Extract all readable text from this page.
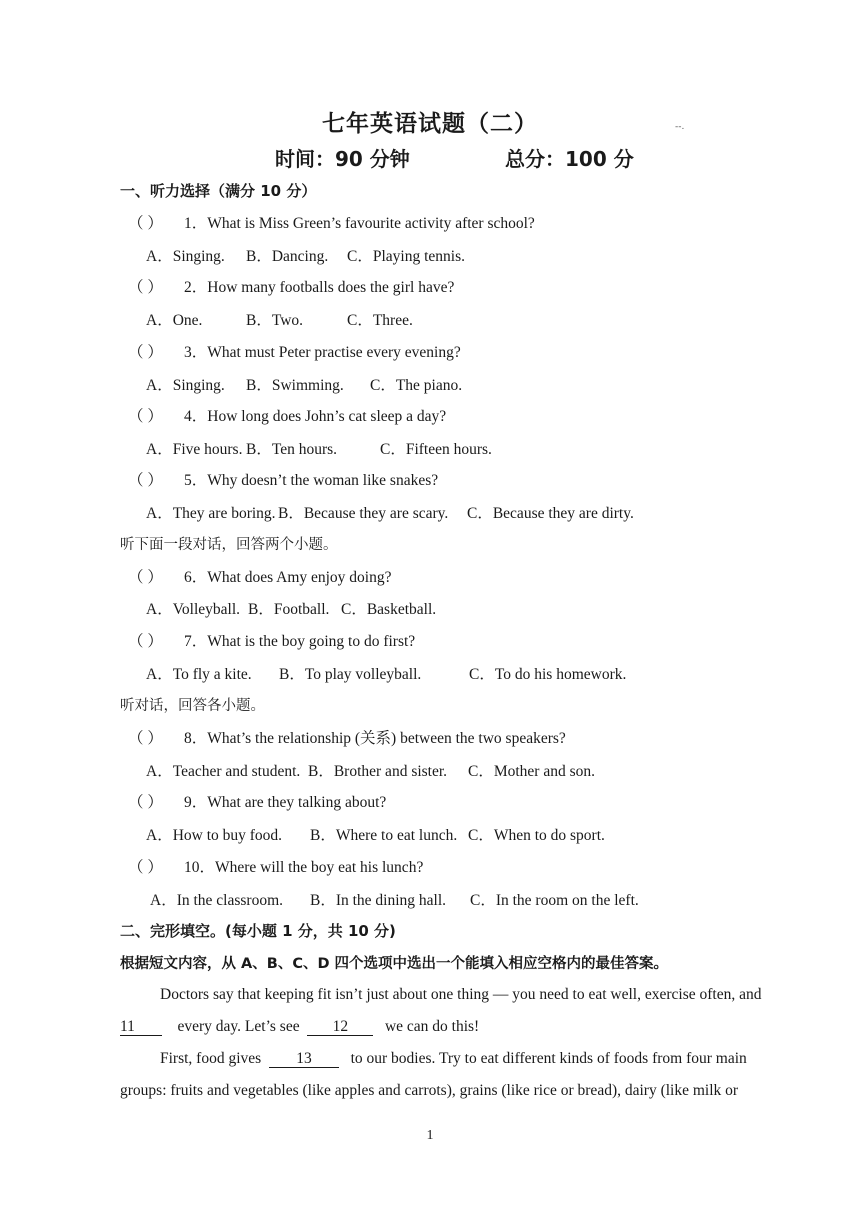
七年英语试题（二）	--.
时间：90 分钟	总分：100 分
一、听力选择（满分 10 分）
（ ） 1．What is Miss Green’s favourite activity after school?
A．Singing. B．Dancing. C．Playing tennis.
（ ） 2．How many footballs does the girl have?
A．One.	B．Two.	C．Three.
（ ） 3．What must Peter practise every evening?
A．Singing. B．Swimming. C．The piano.
（ ） 4．How long does John’s cat sleep a day?
A．Five hours. B．Ten hours.	C．Fifteen hours.
（ ） 5．Why doesn’t the woman like snakes?
A．They are boring. B．Because they are scary. C．Because they are dirty.
听下面一段对话，回答两个小题。
（ ） 6．What does Amy enjoy doing?
A．Volleyball. B．Football. C．Basketball.
（ ） 7．What is the boy going to do first?
A．To fly a kite. B．To play volleyball.	C．To do his homework.
听对话，回答各小题。
（ ） 8．What’s the relationship (关系) between the two speakers?
A．Teacher and student. B．Brother and sister. C．Mother and son.
（ ） 9．What are they talking about?
A．How to buy food. B．Where to eat lunch. C．When to do sport.
（ ） 10．Where will the boy eat his lunch?
A．In the classroom. B．In the dining hall. C．In the room on the left.
二、完形填空。(每小题 1 分，共 10 分)
根据短文内容，从 A、B、C、D 四个选项中选出一个能填入相应空格内的最佳答案。
Doctors say that keeping fit isn’t just about one thing — you need to eat well, exercise often, and
11	every day. Let’s see 12 we can do this!
First, food gives 13	to our bodies. Try to eat different kinds of foods from four main
groups: fruits and vegetables (like apples and carrots), grains (like rice or bread), dairy (like milk or
1
